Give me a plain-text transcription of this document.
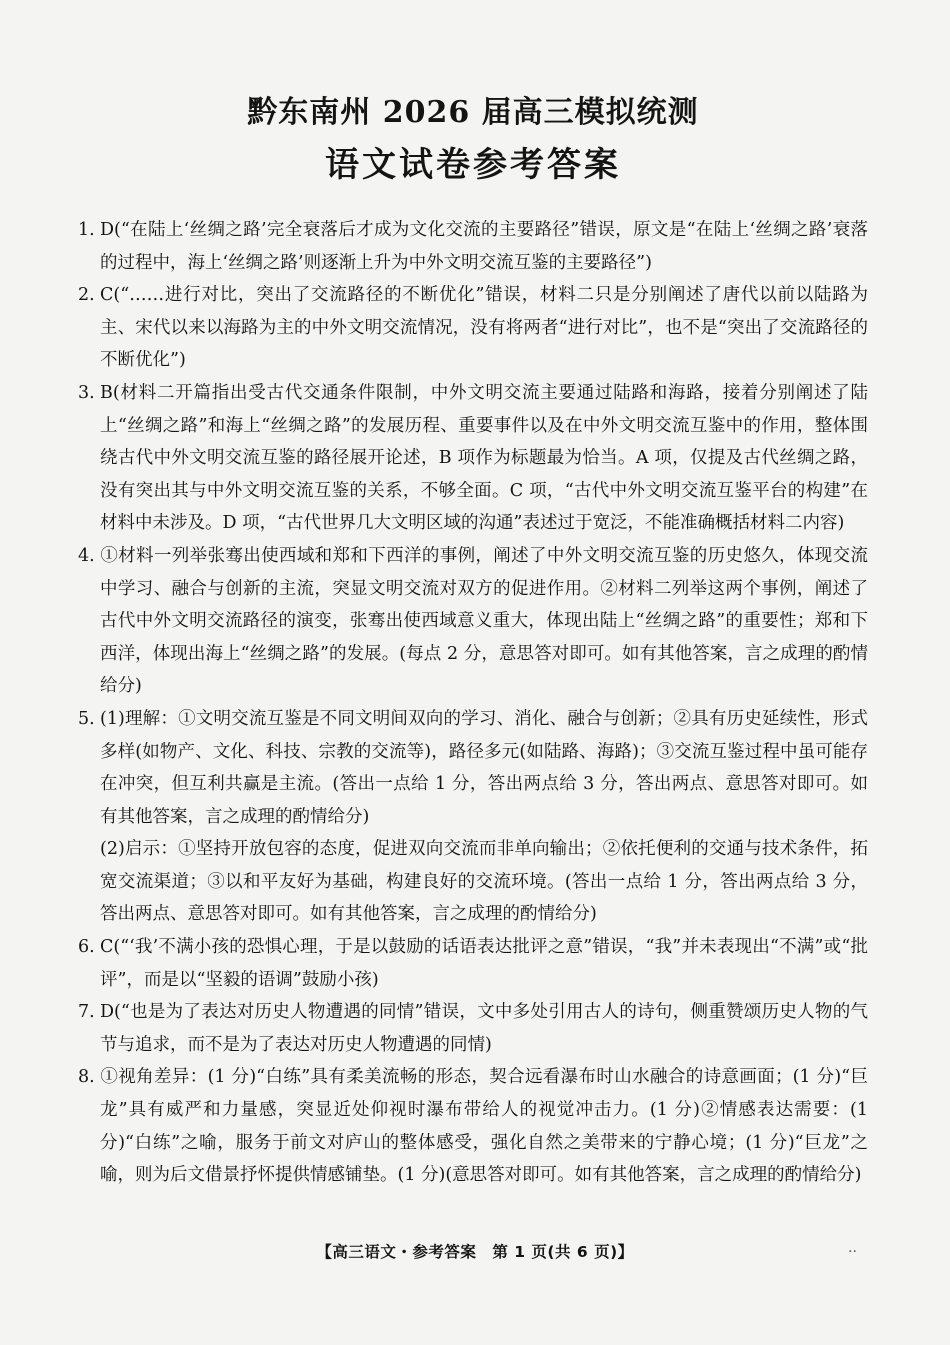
黔东南州 2026 届高三模拟统测
语文试卷参考答案

1. D(“在陆上‘丝绸之路’完全衰落后才成为文化交流的主要路径”错误，原文是“在陆上‘丝绸之路’衰落的过程中，海上‘丝绸之路’则逐渐上升为中外文明交流互鉴的主要路径”)

2. C(“……进行对比，突出了交流路径的不断优化”错误，材料二只是分别阐述了唐代以前以陆路为主、宋代以来以海路为主的中外文明交流情况，没有将两者“进行对比”，也不是“突出了交流路径的不断优化”)

3. B(材料二开篇指出受古代交通条件限制，中外文明交流主要通过陆路和海路，接着分别阐述了陆上“丝绸之路”和海上“丝绸之路”的发展历程、重要事件以及在中外文明交流互鉴中的作用，整体围绕古代中外文明交流互鉴的路径展开论述，B 项作为标题最为恰当。A 项，仅提及古代丝绸之路，没有突出其与中外文明交流互鉴的关系，不够全面。C 项，“古代中外文明交流互鉴平台的构建”在材料中未涉及。D 项，“古代世界几大文明区域的沟通”表述过于宽泛，不能准确概括材料二内容)

4. ①材料一列举张骞出使西域和郑和下西洋的事例，阐述了中外文明交流互鉴的历史悠久，体现交流中学习、融合与创新的主流，突显文明交流对双方的促进作用。②材料二列举这两个事例，阐述了古代中外文明交流路径的演变，张骞出使西域意义重大，体现出陆上“丝绸之路”的重要性；郑和下西洋，体现出海上“丝绸之路”的发展。(每点 2 分，意思答对即可。如有其他答案，言之成理的酌情给分)

5. (1)理解：①文明交流互鉴是不同文明间双向的学习、消化、融合与创新；②具有历史延续性，形式多样(如物产、文化、科技、宗教的交流等)，路径多元(如陆路、海路)；③交流互鉴过程中虽可能存在冲突，但互利共赢是主流。(答出一点给 1 分，答出两点给 3 分，答出两点、意思答对即可。如有其他答案，言之成理的酌情给分)

(2)启示：①坚持开放包容的态度，促进双向交流而非单向输出；②依托便利的交通与技术条件，拓宽交流渠道；③以和平友好为基础，构建良好的交流环境。(答出一点给 1 分，答出两点给 3 分，答出两点、意思答对即可。如有其他答案，言之成理的酌情给分)

6. C(“‘我’不满小孩的恐惧心理，于是以鼓励的话语表达批评之意”错误，“我”并未表现出“不满”或“批评”，而是以“坚毅的语调”鼓励小孩)

7. D(“也是为了表达对历史人物遭遇的同情”错误，文中多处引用古人的诗句，侧重赞颂历史人物的气节与追求，而不是为了表达对历史人物遭遇的同情)

8. ①视角差异：(1 分)“白练”具有柔美流畅的形态，契合远看瀑布时山水融合的诗意画面；(1 分)“巨龙”具有威严和力量感，突显近处仰视时瀑布带给人的视觉冲击力。(1 分)②情感表达需要：(1 分)“白练”之喻，服务于前文对庐山的整体感受，强化自然之美带来的宁静心境；(1 分)“巨龙”之喻，则为后文借景抒怀提供情感铺垫。(1 分)(意思答对即可。如有其他答案，言之成理的酌情给分)

【高三语文・参考答案　第 1 页(共 6 页)】	..
